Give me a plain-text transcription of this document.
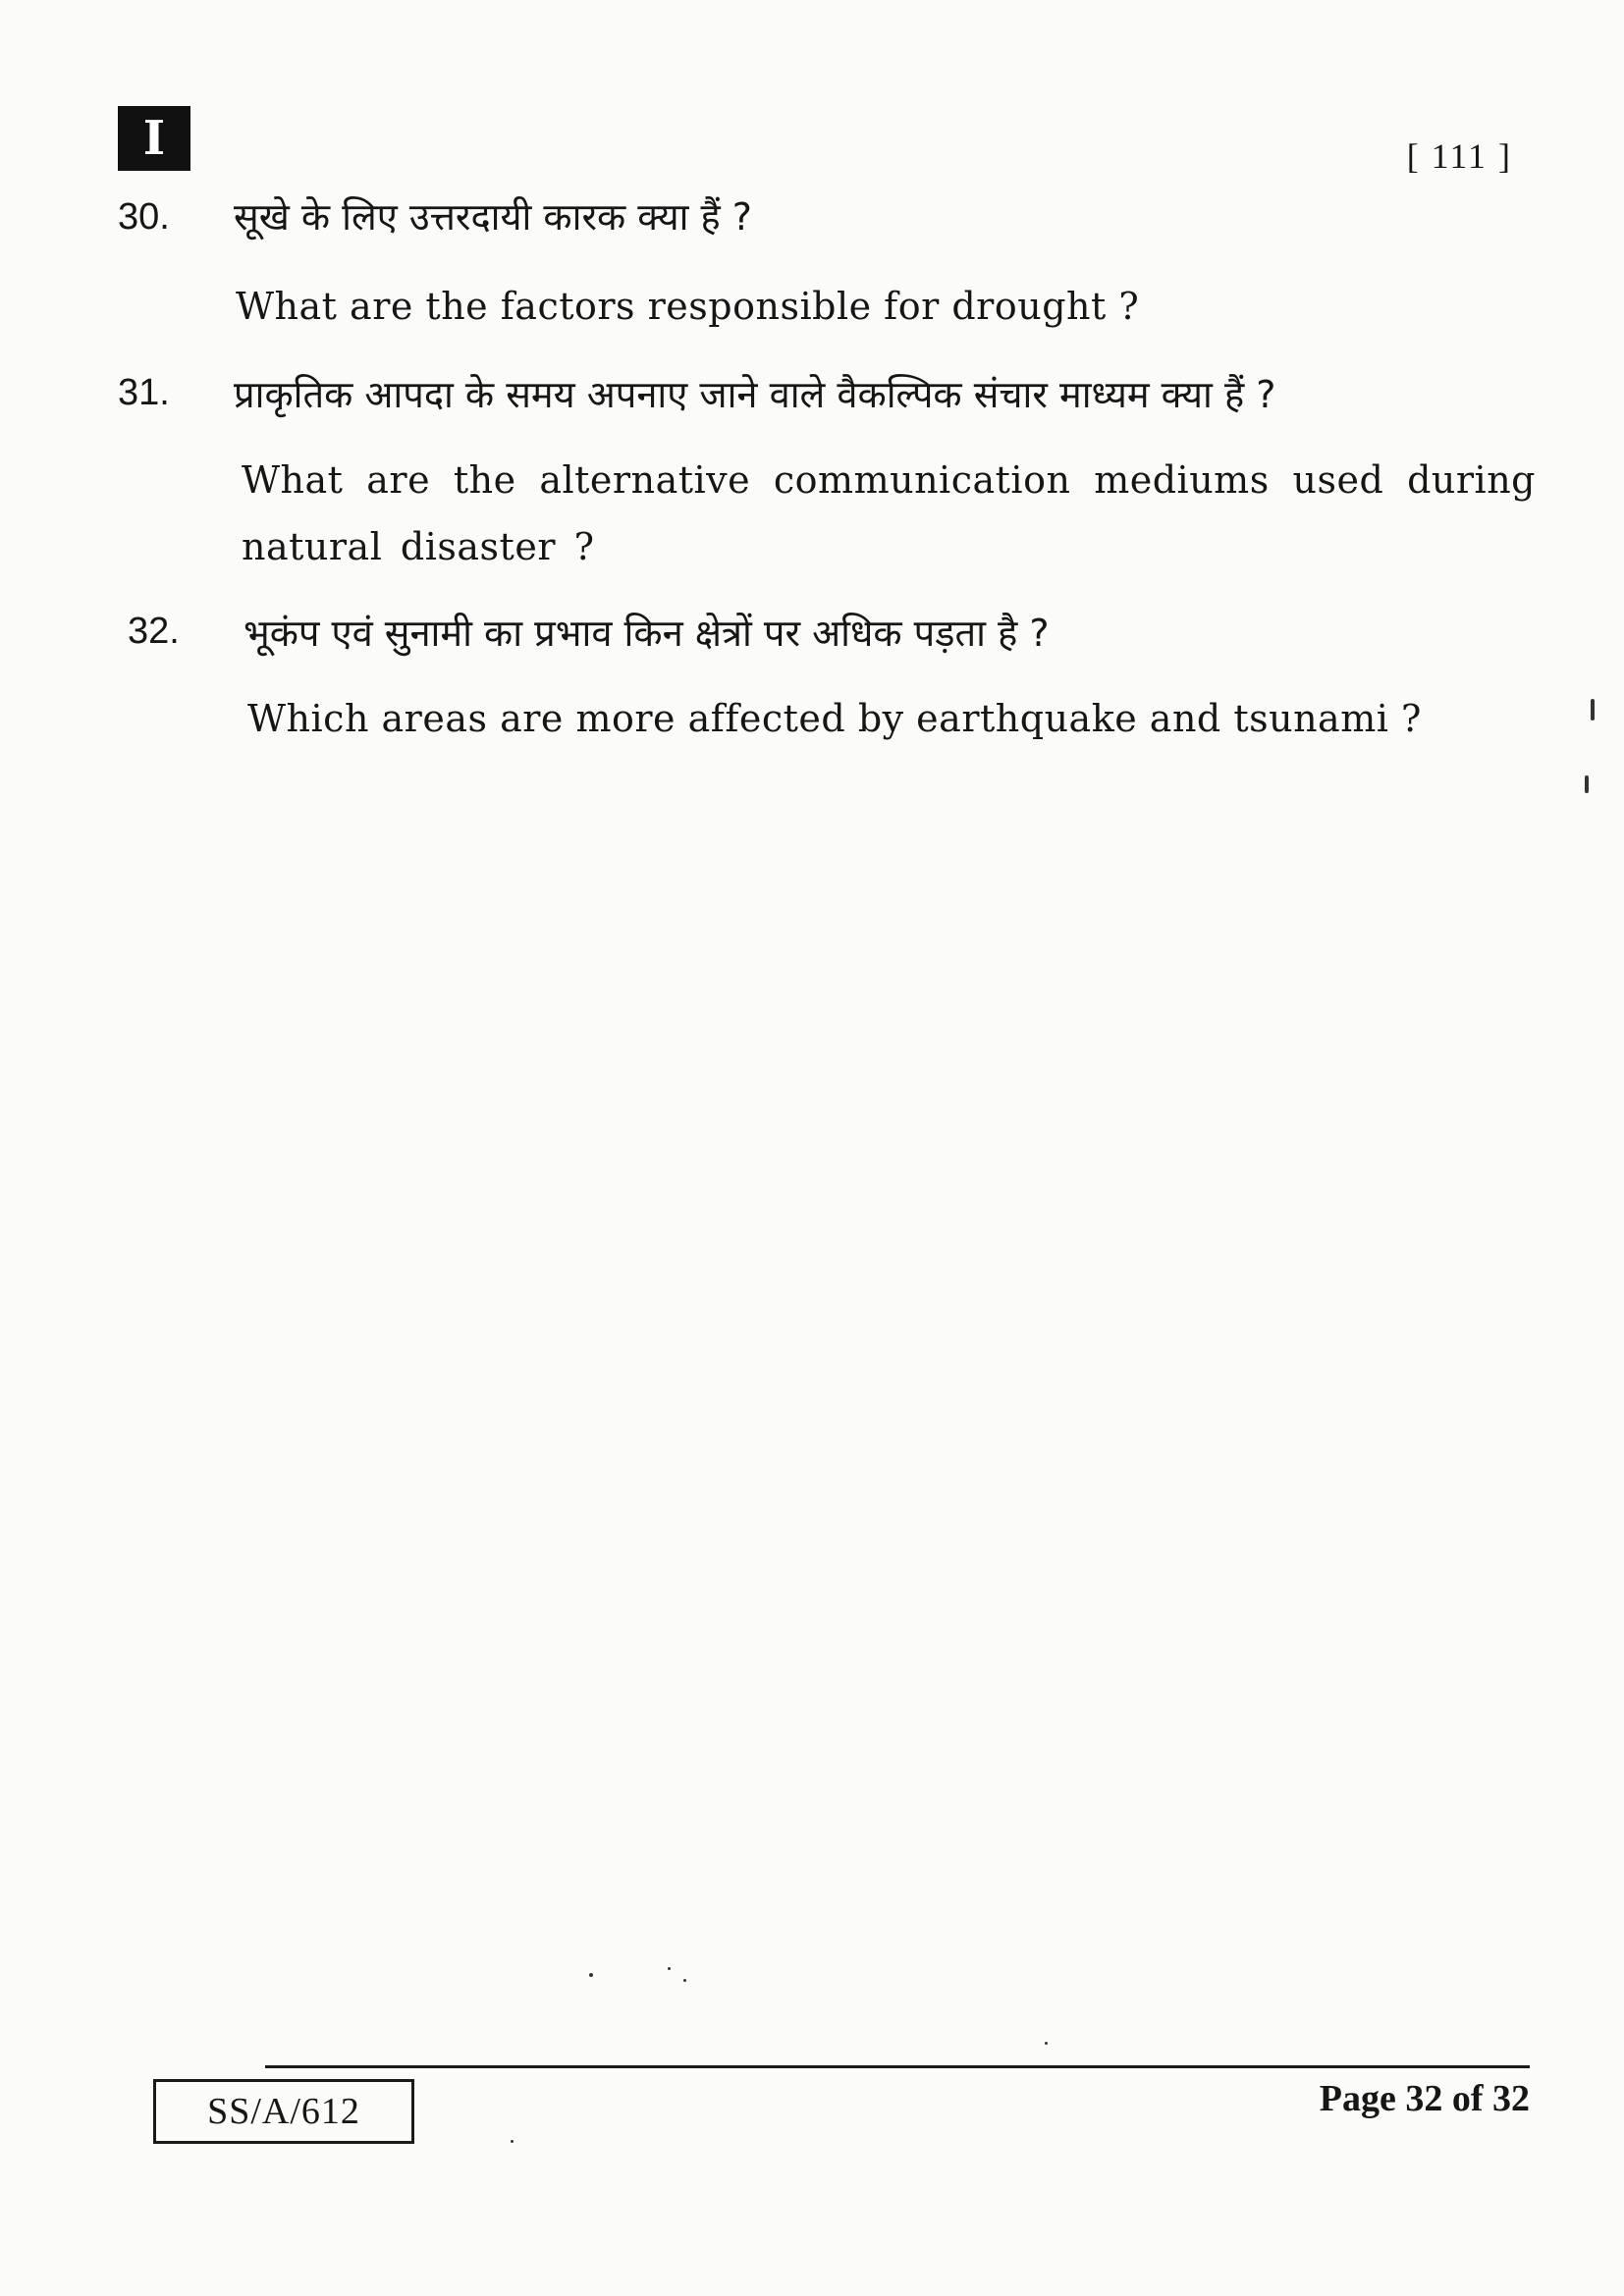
I	[ 111 ]
30. सूखे के लिए उत्तरदायी कारक क्या हैं ?
What are the factors responsible for drought ?
31. प्राकृतिक आपदा के समय अपनाए जाने वाले वैकल्पिक संचार माध्यम क्या हैं ?
What are the alternative communication mediums used during natural disaster ?
32. भूकंप एवं सुनामी का प्रभाव किन क्षेत्रों पर अधिक पड़ता है ?
Which areas are more affected by earthquake and tsunami ?
SS/A/612	Page 32 of 32
